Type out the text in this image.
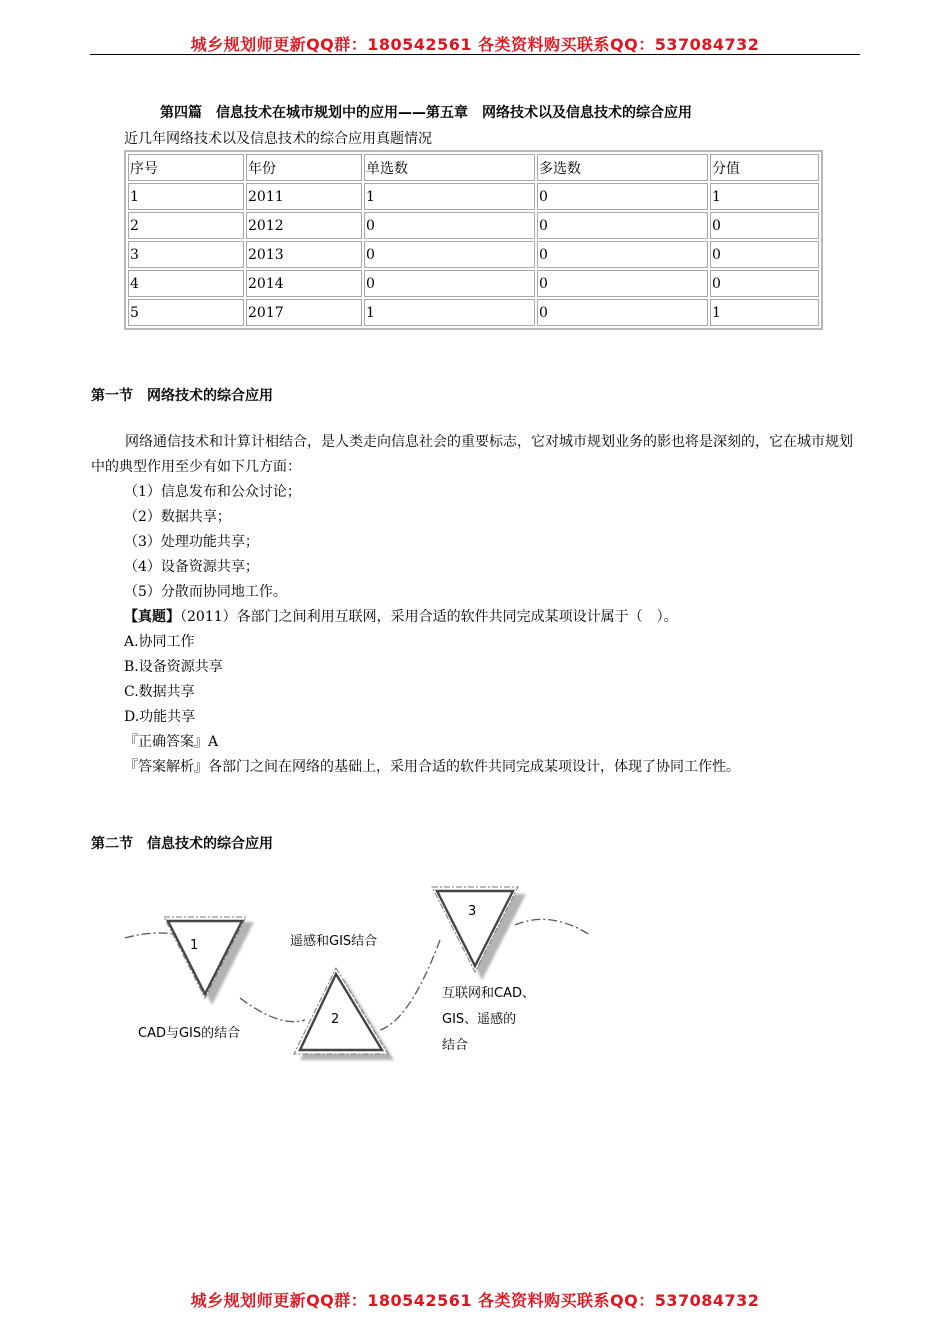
城乡规划师更新QQ群：180542561 各类资料购买联系QQ：537084732
第四篇　信息技术在城市规划中的应用——第五章　网络技术以及信息技术的综合应用
近几年网络技术以及信息技术的综合应用真题情况
序号	年份	单选数	多选数	分值
1	2011	1	0	1
2	2012	0	0	0
3	2013	0	0	0
4	2014	0	0	0
5	2017	1	0	1
第一节　网络技术的综合应用
网络通信技术和计算计相结合，是人类走向信息社会的重要标志，它对城市规划业务的影也将是深刻的，它在城市规划中的典型作用至少有如下几方面：
（1）信息发布和公众讨论；
（2）数据共享；
（3）处理功能共享；
（4）设备资源共享；
（5）分散而协同地工作。
【真题】（2011）各部门之间利用互联网，采用合适的软件共同完成某项设计属于（　）。
A.协同工作
B.设备资源共享
C.数据共享
D.功能共享
『正确答案』A
『答案解析』各部门之间在网络的基础上，采用合适的软件共同完成某项设计，体现了协同工作性。
第二节　信息技术的综合应用
1
2
3
CAD与GIS的结合
遥感和GIS结合
互联网和CAD、
GIS、遥感的
结合
城乡规划师更新QQ群：180542561 各类资料购买联系QQ：537084732
